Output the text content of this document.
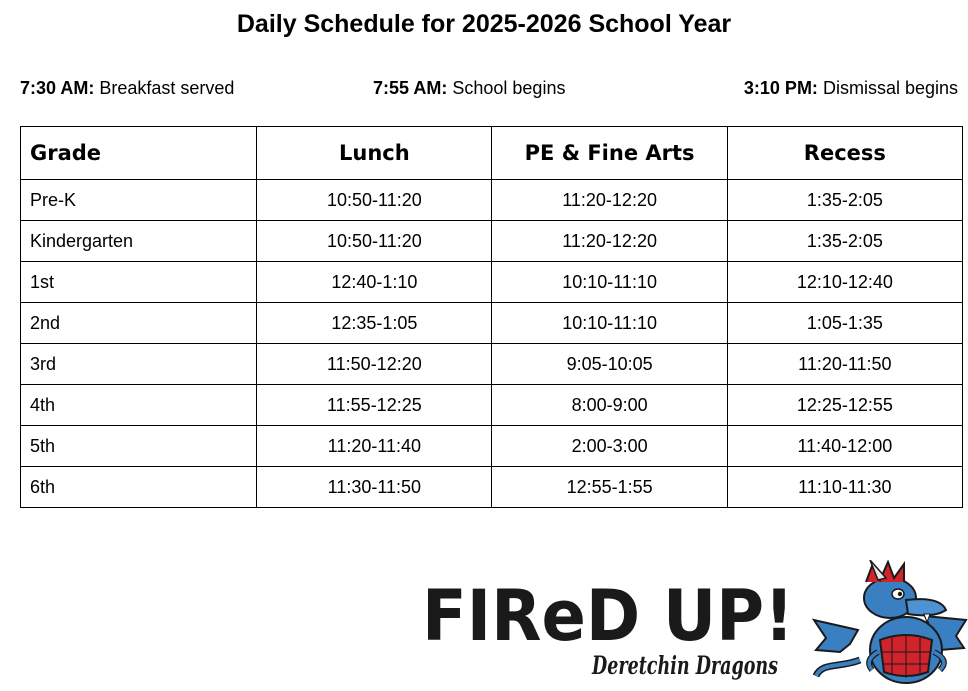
Daily Schedule for 2025-2026 School Year
7:30 AM: Breakfast served	7:55 AM: School begins	3:10 PM: Dismissal begins
Grade	Lunch	PE & Fine Arts	Recess
Pre-K	10:50-11:20	11:20-12:20	1:35-2:05
Kindergarten	10:50-11:20	11:20-12:20	1:35-2:05
1st	12:40-1:10	10:10-11:10	12:10-12:40
2nd	12:35-1:05	10:10-11:10	1:05-1:35
3rd	11:50-12:20	9:05-10:05	11:20-11:50
4th	11:55-12:25	8:00-9:00	12:25-12:55
5th	11:20-11:40	2:00-3:00	11:40-12:00
6th	11:30-11:50	12:55-1:55	11:10-11:30
FIReD UP!
Deretchin Dragons
